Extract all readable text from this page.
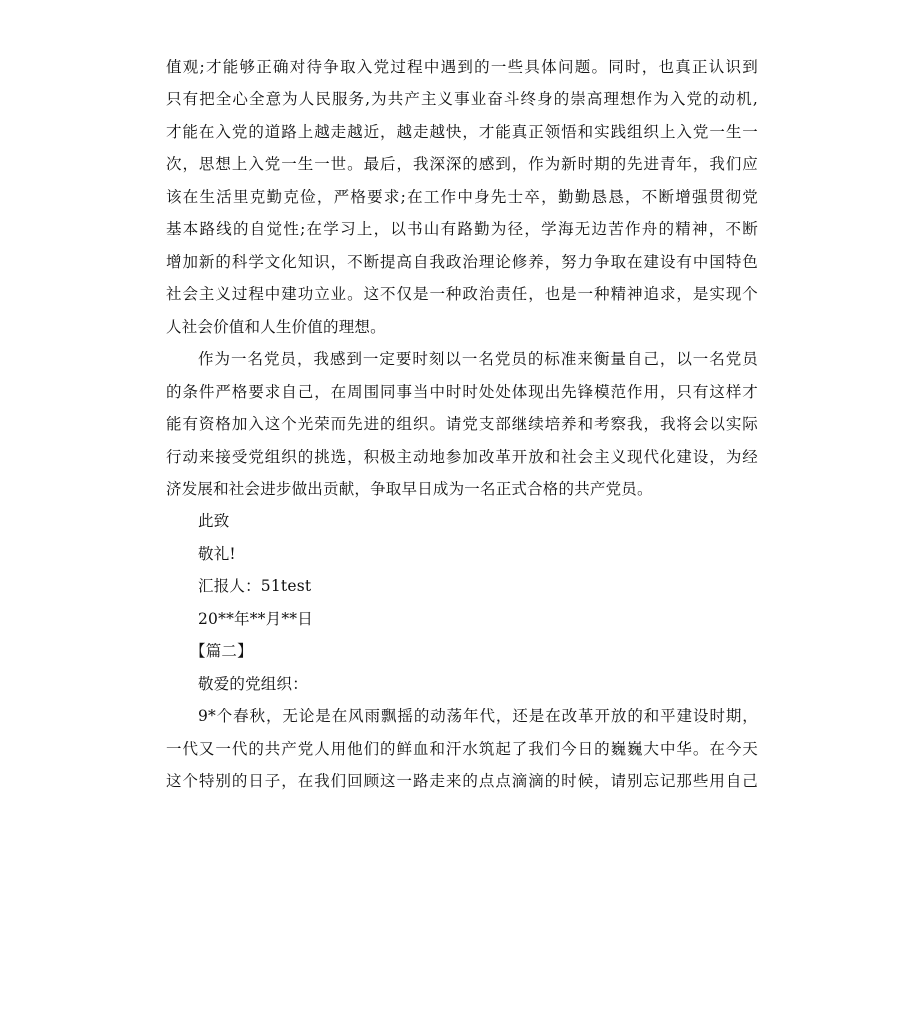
值观;才能够正确对待争取入党过程中遇到的一些具体问题。同时，也真正认识到
只有把全心全意为人民服务,为共产主义事业奋斗终身的崇高理想作为入党的动机,
才能在入党的道路上越走越近，越走越快，才能真正领悟和实践组织上入党一生一
次，思想上入党一生一世。最后，我深深的感到，作为新时期的先进青年，我们应
该在生活里克勤克俭，严格要求;在工作中身先士卒，勤勤恳恳，不断增强贯彻党
基本路线的自觉性;在学习上，以书山有路勤为径，学海无边苦作舟的精神，不断
增加新的科学文化知识，不断提高自我政治理论修养，努力争取在建设有中国特色
社会主义过程中建功立业。这不仅是一种政治责任，也是一种精神追求，是实现个
人社会价值和人生价值的理想。
作为一名党员，我感到一定要时刻以一名党员的标准来衡量自己，以一名党员
的条件严格要求自己，在周围同事当中时时处处体现出先锋模范作用，只有这样才
能有资格加入这个光荣而先进的组织。请党支部继续培养和考察我，我将会以实际
行动来接受党组织的挑选，积极主动地参加改革开放和社会主义现代化建设，为经
济发展和社会进步做出贡献，争取早日成为一名正式合格的共产党员。
此致
敬礼!
汇报人：51test
20**年**月**日
【篇二】
敬爱的党组织：
9*个春秋，无论是在风雨飘摇的动荡年代，还是在改革开放的和平建设时期，
一代又一代的共产党人用他们的鲜血和汗水筑起了我们今日的巍巍大中华。在今天
这个特别的日子，在我们回顾这一路走来的点点滴滴的时候，请别忘记那些用自己
